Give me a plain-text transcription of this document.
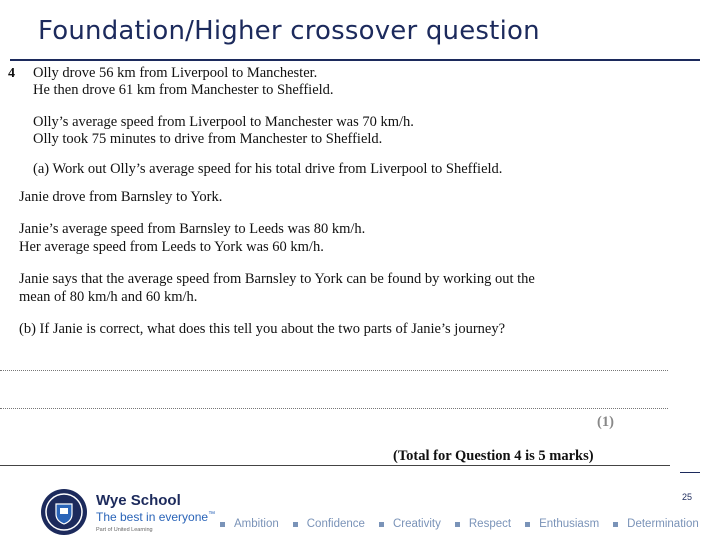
Foundation/Higher crossover question
4 Olly drove 56 km from Liverpool to Manchester.
He then drove 61 km from Manchester to Sheffield.
Olly’s average speed from Liverpool to Manchester was 70 km/h.
Olly took 75 minutes to drive from Manchester to Sheffield.
(a) Work out Olly’s average speed for his total drive from Liverpool to Sheffield.
Janie drove from Barnsley to York.
Janie’s average speed from Barnsley to Leeds was 80 km/h.
Her average speed from Leeds to York was 60 km/h.
Janie says that the average speed from Barnsley to York can be found by working out the
mean of 80 km/h and 60 km/h.
(b) If Janie is correct, what does this tell you about the two parts of Janie’s journey?
(1)
(Total for Question 4 is 5 marks)
Wye School
The best in everyone™
Part of United Learning	Ambition Confidence Creativity Respect Enthusiasm Determination
25
